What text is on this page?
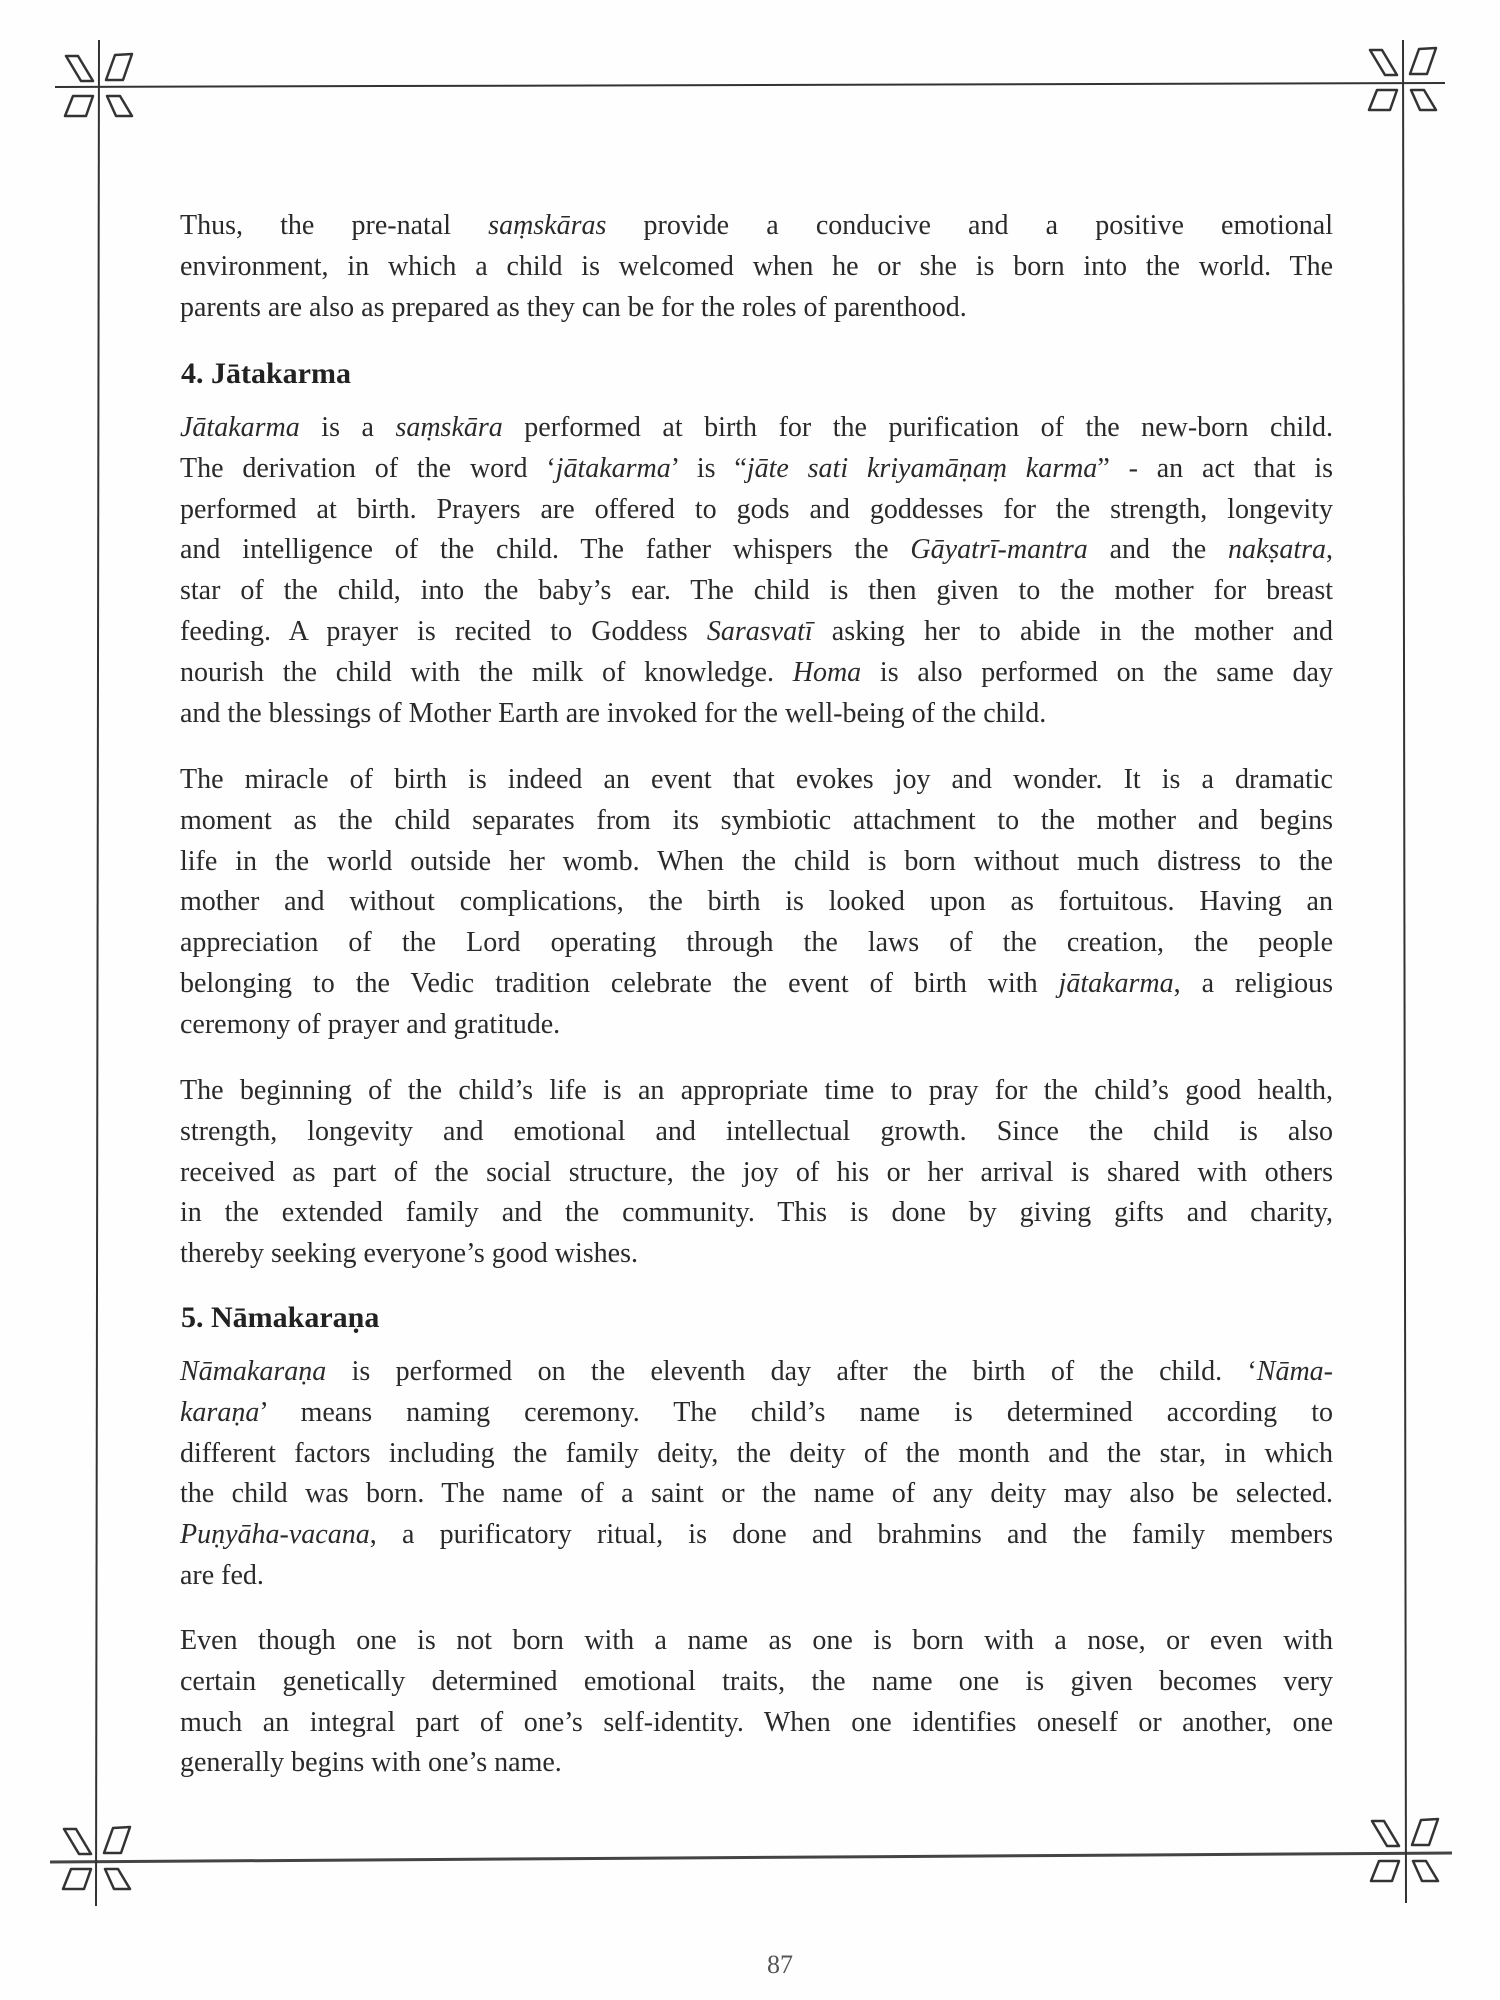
Thus, the pre-natal saṃskāras provide a conducive and a positive emotional
environment, in which a child is welcomed when he or she is born into the world. The
parents are also as prepared as they can be for the roles of parenthood.
4. Jātakarma
Jātakarma is a saṃskāra performed at birth for the purification of the new-born child.
The derivation of the word ‘jātakarma’ is “jāte sati kriyamāṇaṃ karma” - an act that is
performed at birth. Prayers are offered to gods and goddesses for the strength, longevity
and intelligence of the child. The father whispers the Gāyatrī-mantra and the nakṣatra,
star of the child, into the baby’s ear. The child is then given to the mother for breast
feeding. A prayer is recited to Goddess Sarasvatī asking her to abide in the mother and
nourish the child with the milk of knowledge. Homa is also performed on the same day
and the blessings of Mother Earth are invoked for the well-being of the child.
The miracle of birth is indeed an event that evokes joy and wonder. It is a dramatic
moment as the child separates from its symbiotic attachment to the mother and begins
life in the world outside her womb. When the child is born without much distress to the
mother and without complications, the birth is looked upon as fortuitous. Having an
appreciation of the Lord operating through the laws of the creation, the people
belonging to the Vedic tradition celebrate the event of birth with jātakarma, a religious
ceremony of prayer and gratitude.
The beginning of the child’s life is an appropriate time to pray for the child’s good health,
strength, longevity and emotional and intellectual growth. Since the child is also
received as part of the social structure, the joy of his or her arrival is shared with others
in the extended family and the community. This is done by giving gifts and charity,
thereby seeking everyone’s good wishes.
5. Nāmakaraṇa
Nāmakaraṇa is performed on the eleventh day after the birth of the child. ‘Nāma-
karaṇa’ means naming ceremony. The child’s name is determined according to
different factors including the family deity, the deity of the month and the star, in which
the child was born. The name of a saint or the name of any deity may also be selected.
Puṇyāha-vacana, a purificatory ritual, is done and brahmins and the family members
are fed.
Even though one is not born with a name as one is born with a nose, or even with
certain genetically determined emotional traits, the name one is given becomes very
much an integral part of one’s self-identity. When one identifies oneself or another, one
generally begins with one’s name.
87
